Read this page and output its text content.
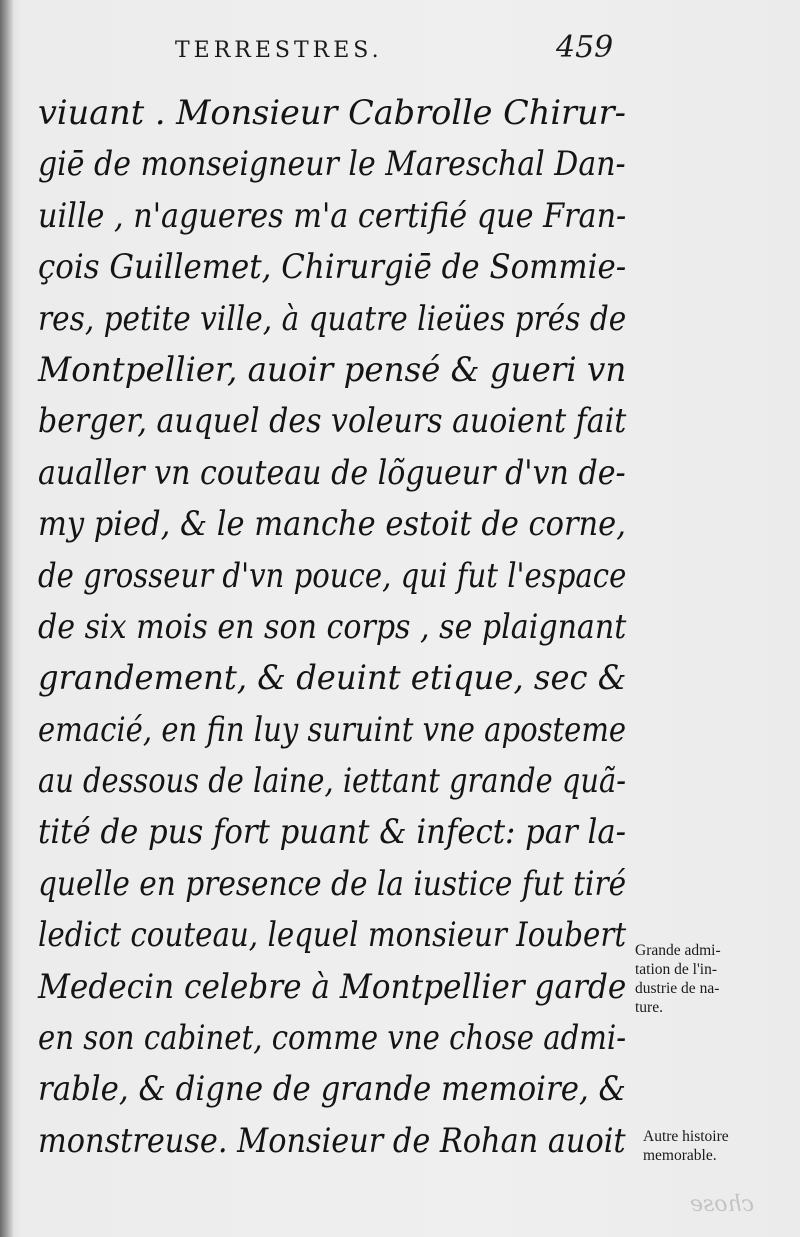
TERRESTRES.	459
viuant . Monsieur Cabrolle Chirur-
giē de monseigneur le Mareschal Dan-
uille , n'agueres m'a certifié que Fran-
çois Guillemet, Chirurgiē de Sommie-
res, petite ville, à quatre lieües prés de
Montpellier, auoir pensé & gueri vn
berger, auquel des voleurs auoient fait
aualler vn couteau de lõgueur d'vn de-
my pied, & le manche estoit de corne,
de grosseur d'vn pouce, qui fut l'espace
de six mois en son corps , se plaignant
grandement, & deuint etique, sec &
emacié, en fin luy suruint vne aposteme
au dessous de laine, iettant grande quã-
tité de pus fort puant & infect: par la-
quelle en presence de la iustice fut tiré
ledict couteau, lequel monsieur Ioubert
Medecin celebre à Montpellier garde
en son cabinet, comme vne chose admi-
rable, & digne de grande memoire, &
monstreuse. Monsieur de Rohan auoit
Grande admi-
tation de l'in-
dustrie de na-
ture.
Autre histoire
memorable.
chose
